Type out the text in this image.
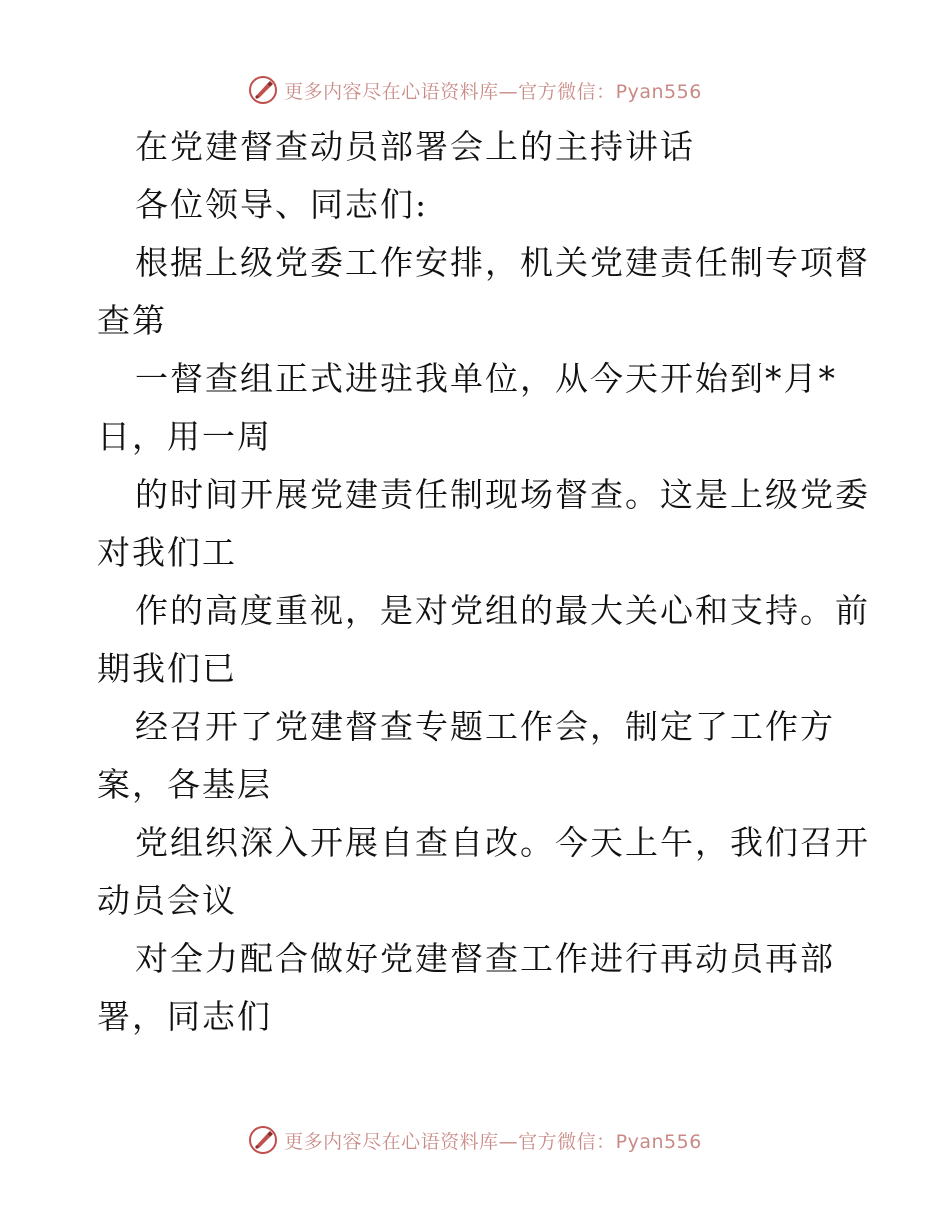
更多内容尽在心语资料库—官方微信：Pyan556
在党建督查动员部署会上的主持讲话
各位领导、同志们:
根据上级党委工作安排，机关党建责任制专项督
查第
一督查组正式进驻我单位，从今天开始到*月*
日，用一周
的时间开展党建责任制现场督查。这是上级党委
对我们工
作的高度重视，是对党组的最大关心和支持。前
期我们已
经召开了党建督查专题工作会，制定了工作方
案，各基层
党组织深入开展自查自改。今天上午，我们召开
动员会议
对全力配合做好党建督查工作进行再动员再部
署，同志们
更多内容尽在心语资料库—官方微信：Pyan556
